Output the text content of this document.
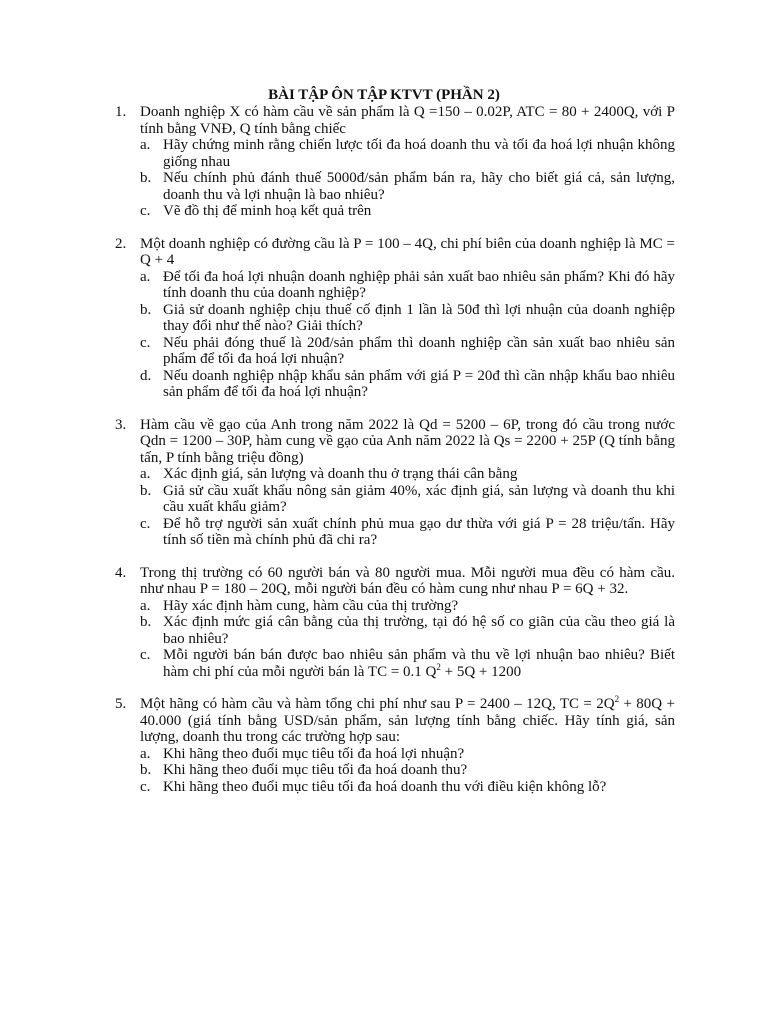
BÀI TẬP ÔN TẬP KTVT (PHẦN 2)
1. Doanh nghiệp X có hàm cầu về sản phẩm là Q =150 – 0.02P, ATC = 80 + 2400Q, với P tính bằng VNĐ, Q tính bằng chiếc
a. Hãy chứng minh rằng chiến lược tối đa hoá doanh thu và tối đa hoá lợi nhuận không giống nhau
b. Nếu chính phủ đánh thuế 5000đ/sản phẩm bán ra, hãy cho biết giá cả, sản lượng, doanh thu và lợi nhuận là bao nhiêu?
c. Vẽ đồ thị để minh hoạ kết quả trên
2. Một doanh nghiệp có đường cầu là P = 100 – 4Q, chi phí biên của doanh nghiệp là MC = Q + 4
a. Để tối đa hoá lợi nhuận doanh nghiệp phải sản xuất bao nhiêu sản phẩm? Khi đó hãy tính doanh thu của doanh nghiệp?
b. Giả sử doanh nghiệp chịu thuế cố định 1 lần là 50đ thì lợi nhuận của doanh nghiệp thay đổi như thế nào? Giải thích?
c. Nếu phải đóng thuế là 20đ/sản phẩm thì doanh nghiệp cần sản xuất bao nhiêu sản phẩm để tối đa hoá lợi nhuận?
d. Nếu doanh nghiệp nhập khẩu sản phẩm với giá P = 20đ thì cần nhập khẩu bao nhiêu sản phẩm để tối đa hoá lợi nhuận?
3. Hàm cầu về gạo của Anh trong năm 2022 là Qd = 5200 – 6P, trong đó cầu trong nước Qdn = 1200 – 30P, hàm cung về gạo của Anh năm 2022 là Qs = 2200 + 25P (Q tính bằng tấn, P tính bằng triệu đồng)
a. Xác định giá, sản lượng và doanh thu ở trạng thái cân bằng
b. Giả sử cầu xuất khẩu nông sản giảm 40%, xác định giá, sản lượng và doanh thu khi cầu xuất khẩu giảm?
c. Để hỗ trợ người sản xuất chính phủ mua gạo dư thừa với giá P = 28 triệu/tấn. Hãy tính số tiền mà chính phủ đã chi ra?
4. Trong thị trường có 60 người bán và 80 người mua. Mỗi người mua đều có hàm cầu. như nhau P = 180 – 20Q, mỗi người bán đều có hàm cung như nhau P = 6Q + 32.
a. Hãy xác định hàm cung, hàm cầu của thị trường?
b. Xác định mức giá cân bằng của thị trường, tại đó hệ số co giãn của cầu theo giá là bao nhiêu?
c. Mỗi người bán bán được bao nhiêu sản phẩm và thu về lợi nhuận bao nhiêu? Biết hàm chi phí của mỗi người bán là TC = 0.1 $Q^2 + 5Q + 1200$
5. Một hãng có hàm cầu và hàm tổng chi phí như sau P = 2400 – 12Q, TC = $2Q^2 + 80Q + 40.000$ (giá tính bằng USD/sản phẩm, sản lượng tính bằng chiếc. Hãy tính giá, sản lượng, doanh thu trong các trường hợp sau:
a. Khi hãng theo đuổi mục tiêu tối đa hoá lợi nhuận?
b. Khi hãng theo đuổi mục tiêu tối đa hoá doanh thu?
c. Khi hãng theo đuổi mục tiêu tối đa hoá doanh thu với điều kiện không lỗ?
